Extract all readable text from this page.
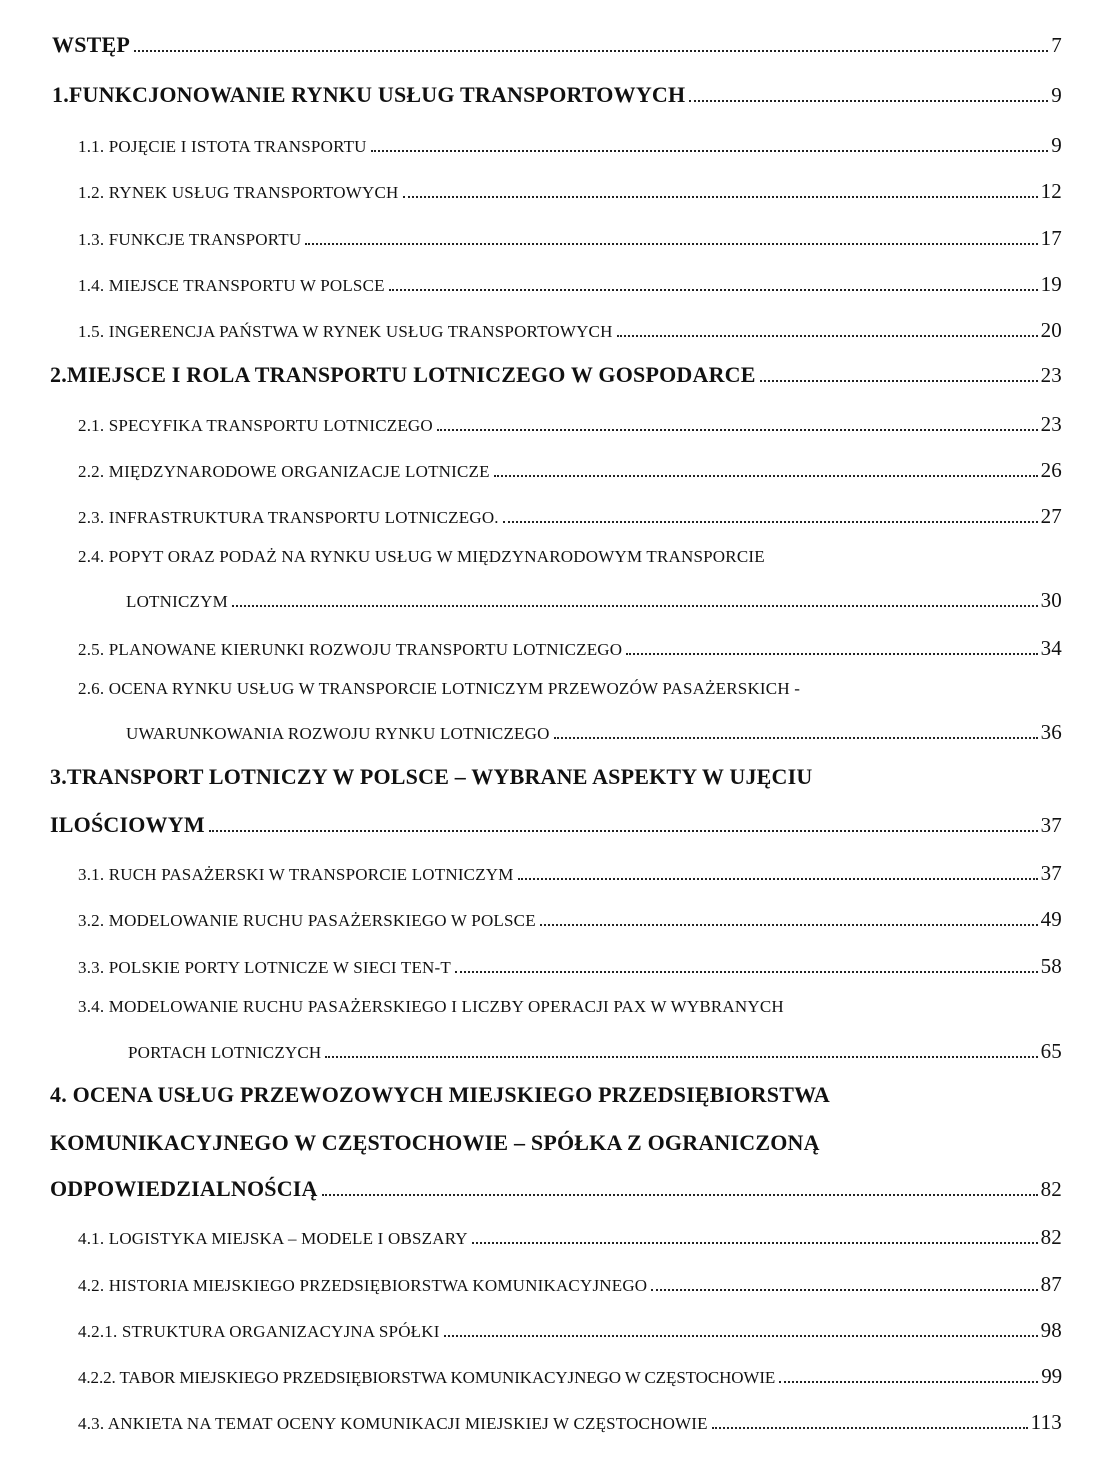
WSTĘP	7
1.FUNKCJONOWANIE RYNKU USŁUG TRANSPORTOWYCH	9
1.1. POJĘCIE I ISTOTA TRANSPORTU	9
1.2. RYNEK USŁUG TRANSPORTOWYCH	12
1.3. FUNKCJE TRANSPORTU	17
1.4. MIEJSCE TRANSPORTU W POLSCE	19
1.5. INGERENCJA PAŃSTWA W RYNEK USŁUG TRANSPORTOWYCH	20
2.MIEJSCE I ROLA TRANSPORTU LOTNICZEGO W GOSPODARCE	23
2.1. SPECYFIKA TRANSPORTU LOTNICZEGO	23
2.2. MIĘDZYNARODOWE ORGANIZACJE LOTNICZE	26
2.3. INFRASTRUKTURA TRANSPORTU LOTNICZEGO.	27
2.4. POPYT ORAZ PODAŻ NA RYNKU USŁUG W MIĘDZYNARODOWYM TRANSPORCIE
LOTNICZYM	30
2.5. PLANOWANE KIERUNKI ROZWOJU TRANSPORTU LOTNICZEGO	34
2.6. OCENA RYNKU USŁUG W TRANSPORCIE LOTNICZYM PRZEWOZÓW PASAŻERSKICH -
UWARUNKOWANIA ROZWOJU RYNKU LOTNICZEGO	36
3.TRANSPORT LOTNICZY W POLSCE – WYBRANE ASPEKTY W UJĘCIU
ILOŚCIOWYM	37
3.1. RUCH PASAŻERSKI W TRANSPORCIE LOTNICZYM	37
3.2. MODELOWANIE RUCHU PASAŻERSKIEGO W POLSCE	49
3.3. POLSKIE PORTY LOTNICZE W SIECI TEN-T	58
3.4. MODELOWANIE RUCHU PASAŻERSKIEGO I LICZBY OPERACJI PAX W WYBRANYCH
PORTACH LOTNICZYCH	65
4. OCENA USŁUG PRZEWOZOWYCH MIEJSKIEGO PRZEDSIĘBIORSTWA
KOMUNIKACYJNEGO W CZĘSTOCHOWIE – SPÓŁKA Z OGRANICZONĄ
ODPOWIEDZIALNOŚCIĄ	82
4.1. LOGISTYKA MIEJSKA – MODELE I OBSZARY	82
4.2. HISTORIA MIEJSKIEGO PRZEDSIĘBIORSTWA KOMUNIKACYJNEGO	87
4.2.1. STRUKTURA ORGANIZACYJNA SPÓŁKI	98
4.2.2. TABOR MIEJSKIEGO PRZEDSIĘBIORSTWA KOMUNIKACYJNEGO W CZĘSTOCHOWIE	99
4.3. ANKIETA NA TEMAT OCENY KOMUNIKACJI MIEJSKIEJ W CZĘSTOCHOWIE	113
